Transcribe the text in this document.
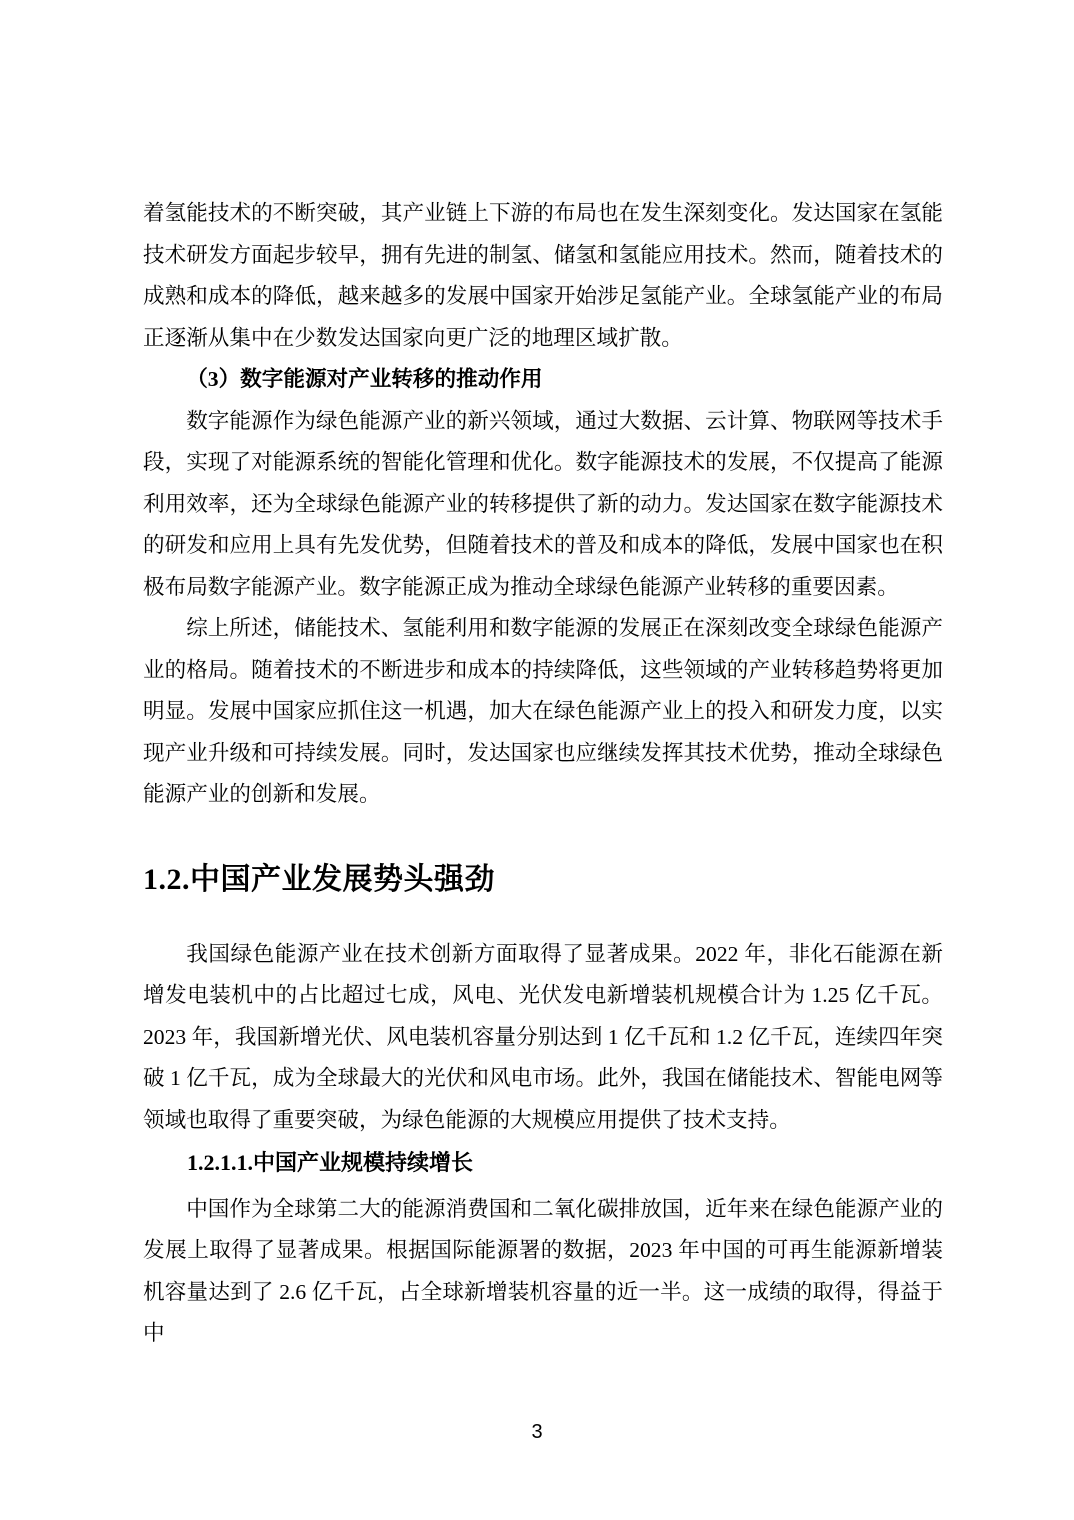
着氢能技术的不断突破，其产业链上下游的布局也在发生深刻变化。发达国家在氢能技术研发方面起步较早，拥有先进的制氢、储氢和氢能应用技术。然而，随着技术的成熟和成本的降低，越来越多的发展中国家开始涉足氢能产业。全球氢能产业的布局正逐渐从集中在少数发达国家向更广泛的地理区域扩散。

（3）数字能源对产业转移的推动作用

数字能源作为绿色能源产业的新兴领域，通过大数据、云计算、物联网等技术手段，实现了对能源系统的智能化管理和优化。数字能源技术的发展，不仅提高了能源利用效率，还为全球绿色能源产业的转移提供了新的动力。发达国家在数字能源技术的研发和应用上具有先发优势，但随着技术的普及和成本的降低，发展中国家也在积极布局数字能源产业。数字能源正成为推动全球绿色能源产业转移的重要因素。

综上所述，储能技术、氢能利用和数字能源的发展正在深刻改变全球绿色能源产业的格局。随着技术的不断进步和成本的持续降低，这些领域的产业转移趋势将更加明显。发展中国家应抓住这一机遇，加大在绿色能源产业上的投入和研发力度，以实现产业升级和可持续发展。同时，发达国家也应继续发挥其技术优势，推动全球绿色能源产业的创新和发展。

1.2.中国产业发展势头强劲

我国绿色能源产业在技术创新方面取得了显著成果。2022 年，非化石能源在新增发电装机中的占比超过七成，风电、光伏发电新增装机规模合计为 1.25 亿千瓦。2023 年，我国新增光伏、风电装机容量分别达到 1 亿千瓦和 1.2 亿千瓦，连续四年突破 1 亿千瓦，成为全球最大的光伏和风电市场。此外，我国在储能技术、智能电网等领域也取得了重要突破，为绿色能源的大规模应用提供了技术支持。

1.2.1.1.中国产业规模持续增长

中国作为全球第二大的能源消费国和二氧化碳排放国，近年来在绿色能源产业的发展上取得了显著成果。根据国际能源署的数据，2023 年中国的可再生能源新增装机容量达到了 2.6 亿千瓦，占全球新增装机容量的近一半。这一成绩的取得，得益于中

3
